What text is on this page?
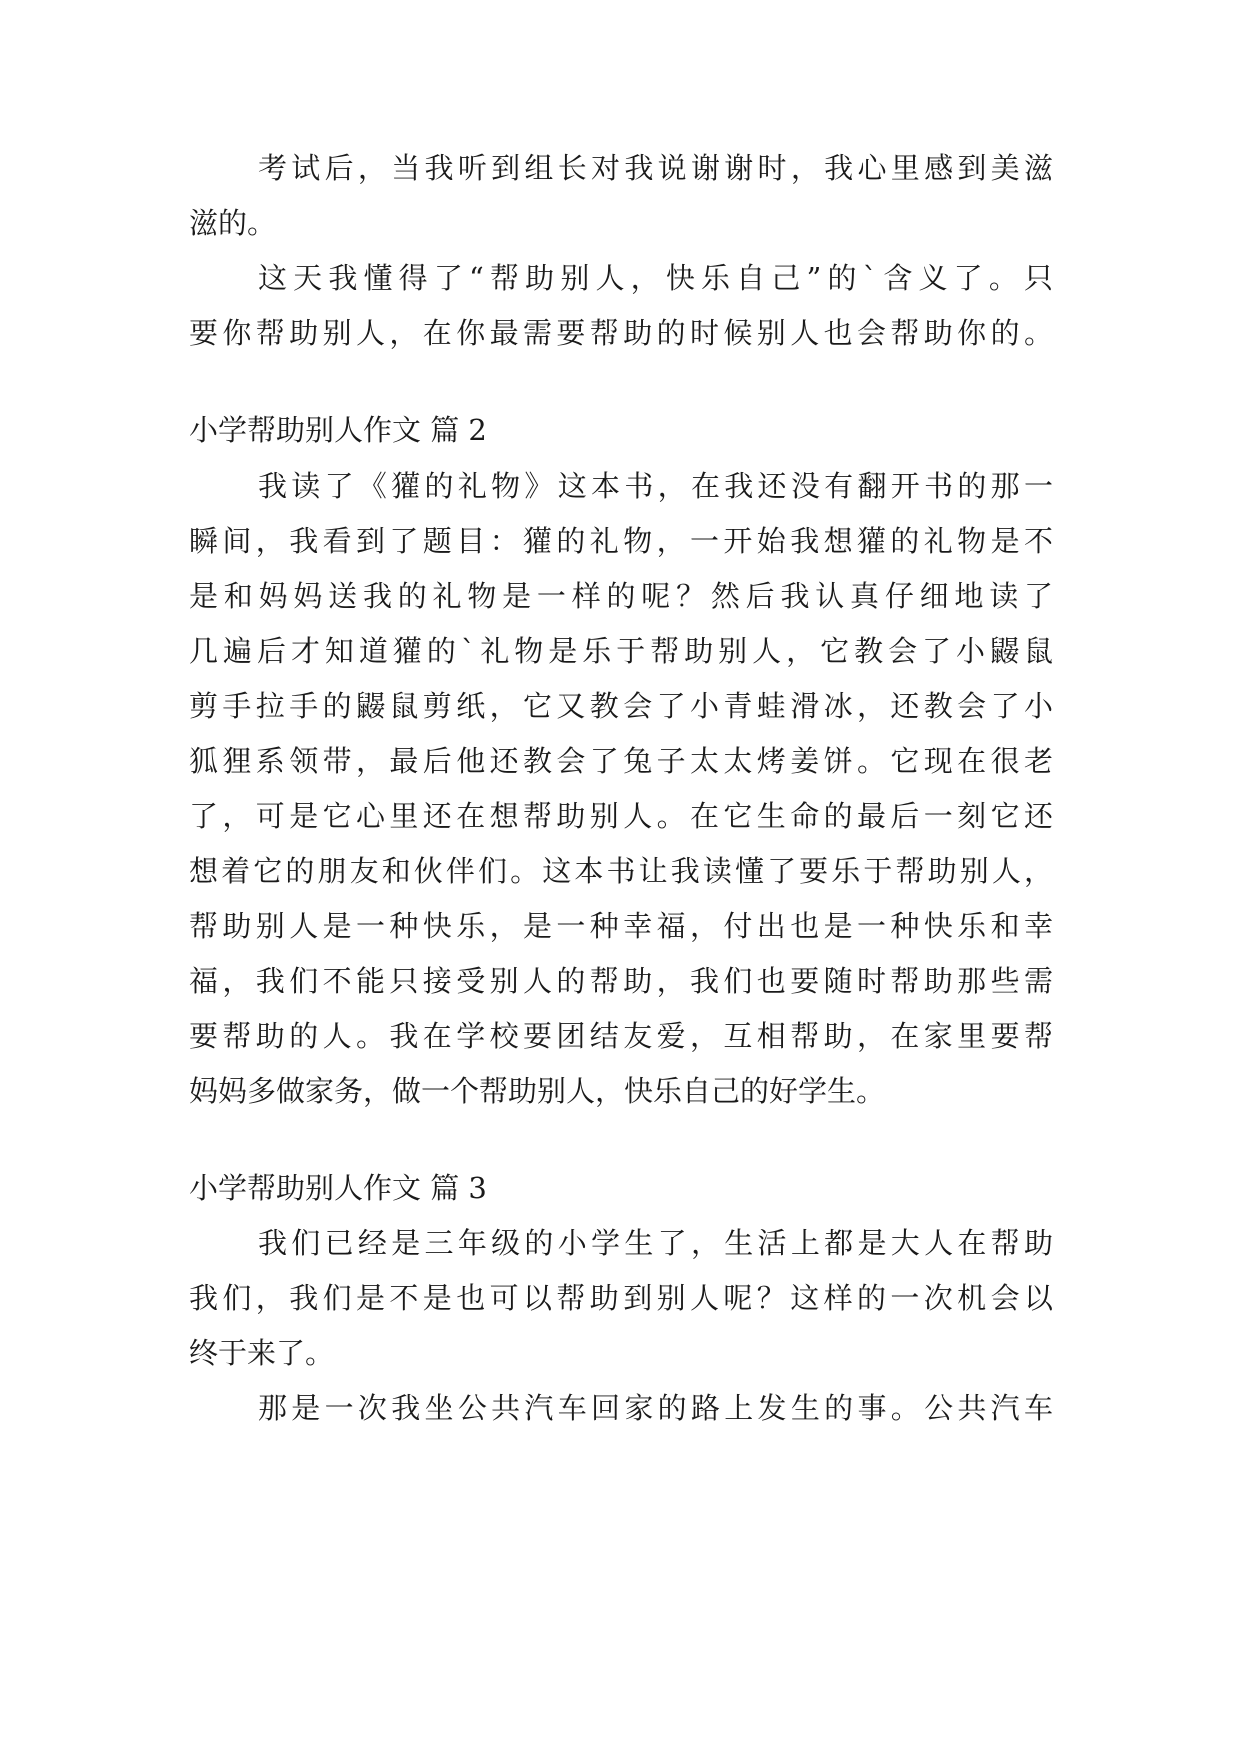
考试后，当我听到组长对我说谢谢时，我心里感到美滋
滋的。
这天我懂得了“帮助别人，快乐自己”的`含义了。只
要你帮助别人，在你最需要帮助的时候别人也会帮助你的。
小学帮助别人作文 篇 2
我读了《獾的礼物》这本书，在我还没有翻开书的那一
瞬间，我看到了题目：獾的礼物，一开始我想獾的礼物是不
是和妈妈送我的礼物是一样的呢？然后我认真仔细地读了
几遍后才知道獾的`礼物是乐于帮助别人，它教会了小鼹鼠
剪手拉手的鼹鼠剪纸，它又教会了小青蛙滑冰，还教会了小
狐狸系领带，最后他还教会了兔子太太烤姜饼。它现在很老
了，可是它心里还在想帮助别人。在它生命的最后一刻它还
想着它的朋友和伙伴们。这本书让我读懂了要乐于帮助别人，
帮助别人是一种快乐，是一种幸福，付出也是一种快乐和幸
福，我们不能只接受别人的帮助，我们也要随时帮助那些需
要帮助的人。我在学校要团结友爱，互相帮助，在家里要帮
妈妈多做家务，做一个帮助别人，快乐自己的好学生。
小学帮助别人作文 篇 3
我们已经是三年级的小学生了，生活上都是大人在帮助
我们，我们是不是也可以帮助到别人呢？这样的一次机会以
终于来了。
那是一次我坐公共汽车回家的路上发生的事。公共汽车
